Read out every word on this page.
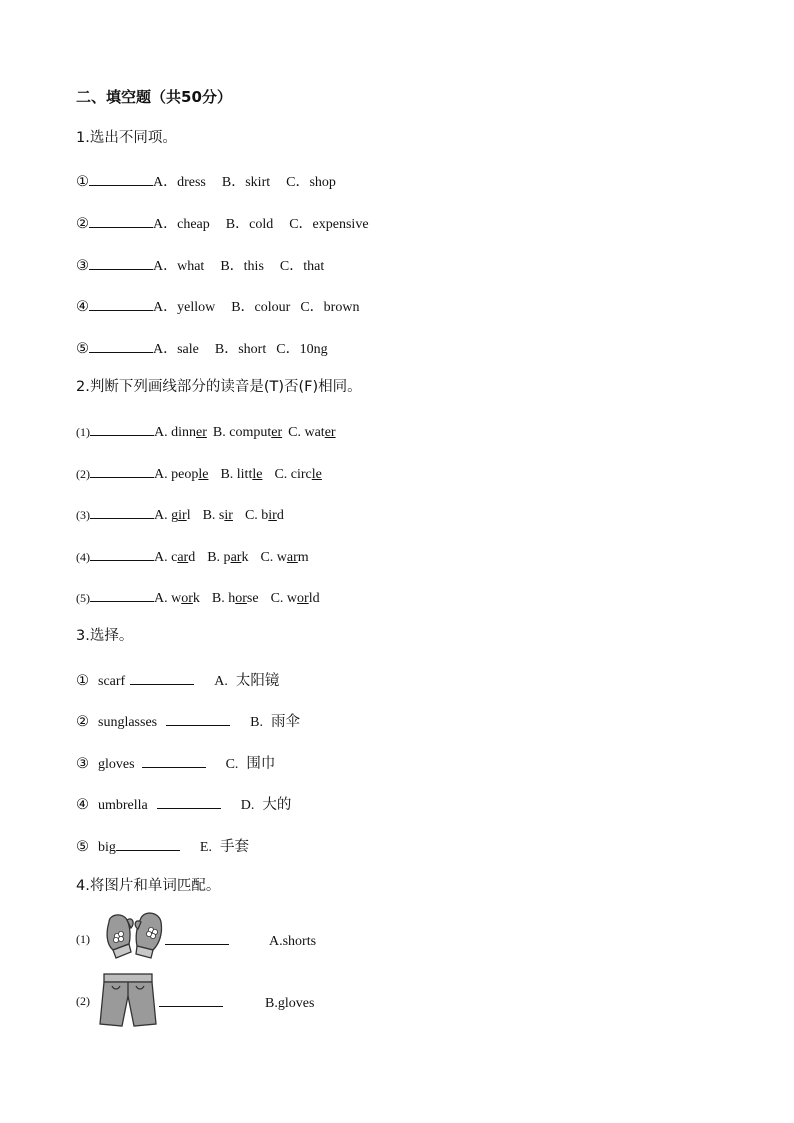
二、填空题（共50分）
1.选出不同项。
①	A．dress B．skirt C．shop
②	A．cheap B．cold C．expensive
③	A．what B．this C．that
④	A．yellow B．colour C．brown
⑤	A．sale B．short C．10ng
2.判断下列画线部分的读音是(T)否(F)相同。
(1)	A. dinner B. computer C. water
(2)	A. people B. little C. circle
(3)	A. girl B. sir C. bird
(4)	A. card B. park C. warm
(5)	A. work B. horse C. world
3.选择。
① scarf	A. 太阳镜
② sunglasses	B. 雨伞
③ gloves	C. 围巾
④ umbrella	D. 大的
⑤ big	E. 手套
4.将图片和单词匹配。
(1)	A.shorts
(2)	B.gloves
